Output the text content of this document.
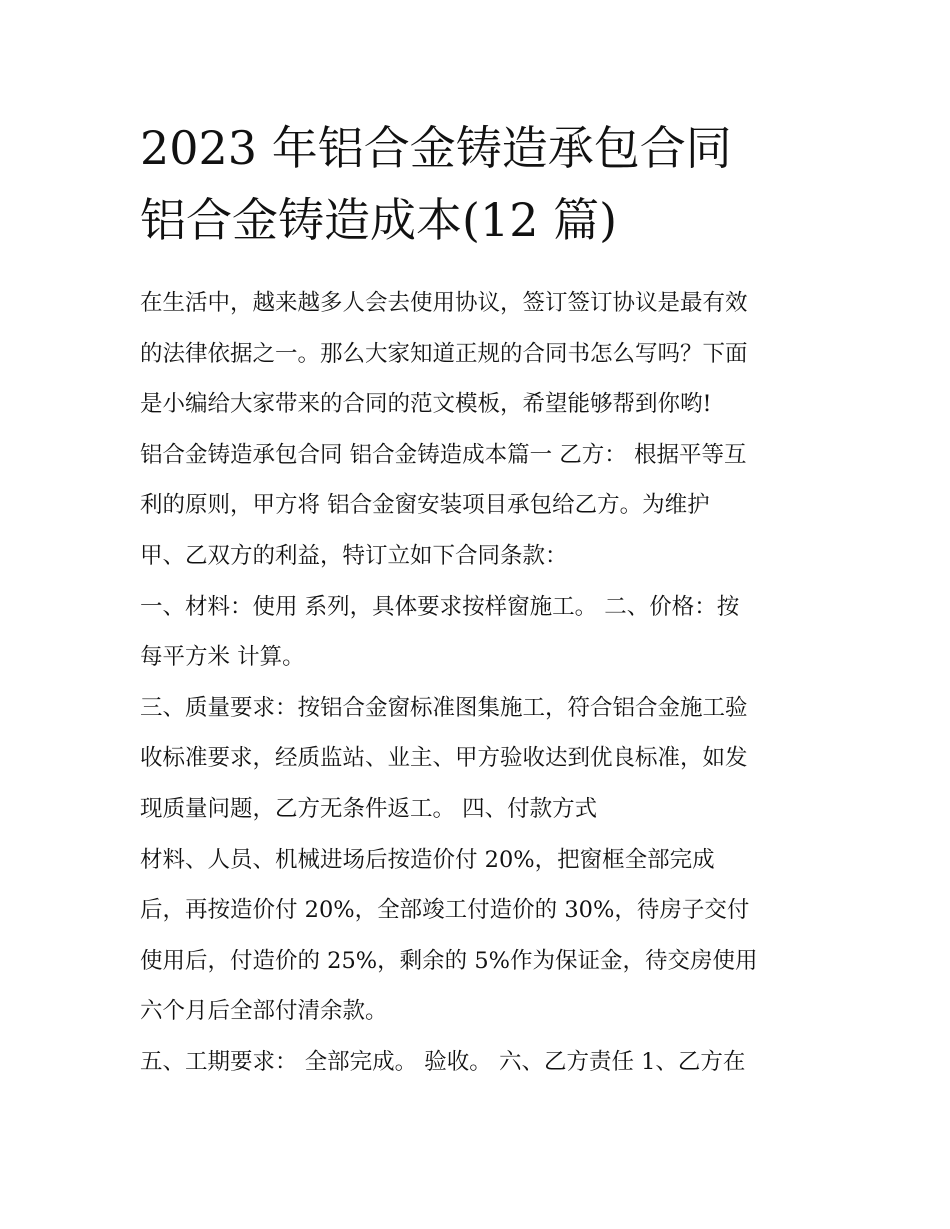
2023 年铝合金铸造承包合同
铝合金铸造成本(12 篇)
在生活中，越来越多人会去使用协议，签订签订协议是最有效
的法律依据之一。那么大家知道正规的合同书怎么写吗？下面
是小编给大家带来的合同的范文模板，希望能够帮到你哟!
铝合金铸造承包合同 铝合金铸造成本篇一 乙方： 根据平等互
利的原则，甲方将 铝合金窗安装项目承包给乙方。为维护
甲、乙双方的利益，特订立如下合同条款：
一、材料：使用 系列，具体要求按样窗施工。 二、价格：按
每平方米 计算。
三、质量要求：按铝合金窗标准图集施工，符合铝合金施工验
收标准要求，经质监站、业主、甲方验收达到优良标准，如发
现质量问题，乙方无条件返工。 四、付款方式
材料、人员、机械进场后按造价付 20%，把窗框全部完成
后，再按造价付 20%，全部竣工付造价的 30%，待房子交付
使用后，付造价的 25%，剩余的 5%作为保证金，待交房使用
六个月后全部付清余款。
五、工期要求： 全部完成。 验收。 六、乙方责任 1、乙方在
